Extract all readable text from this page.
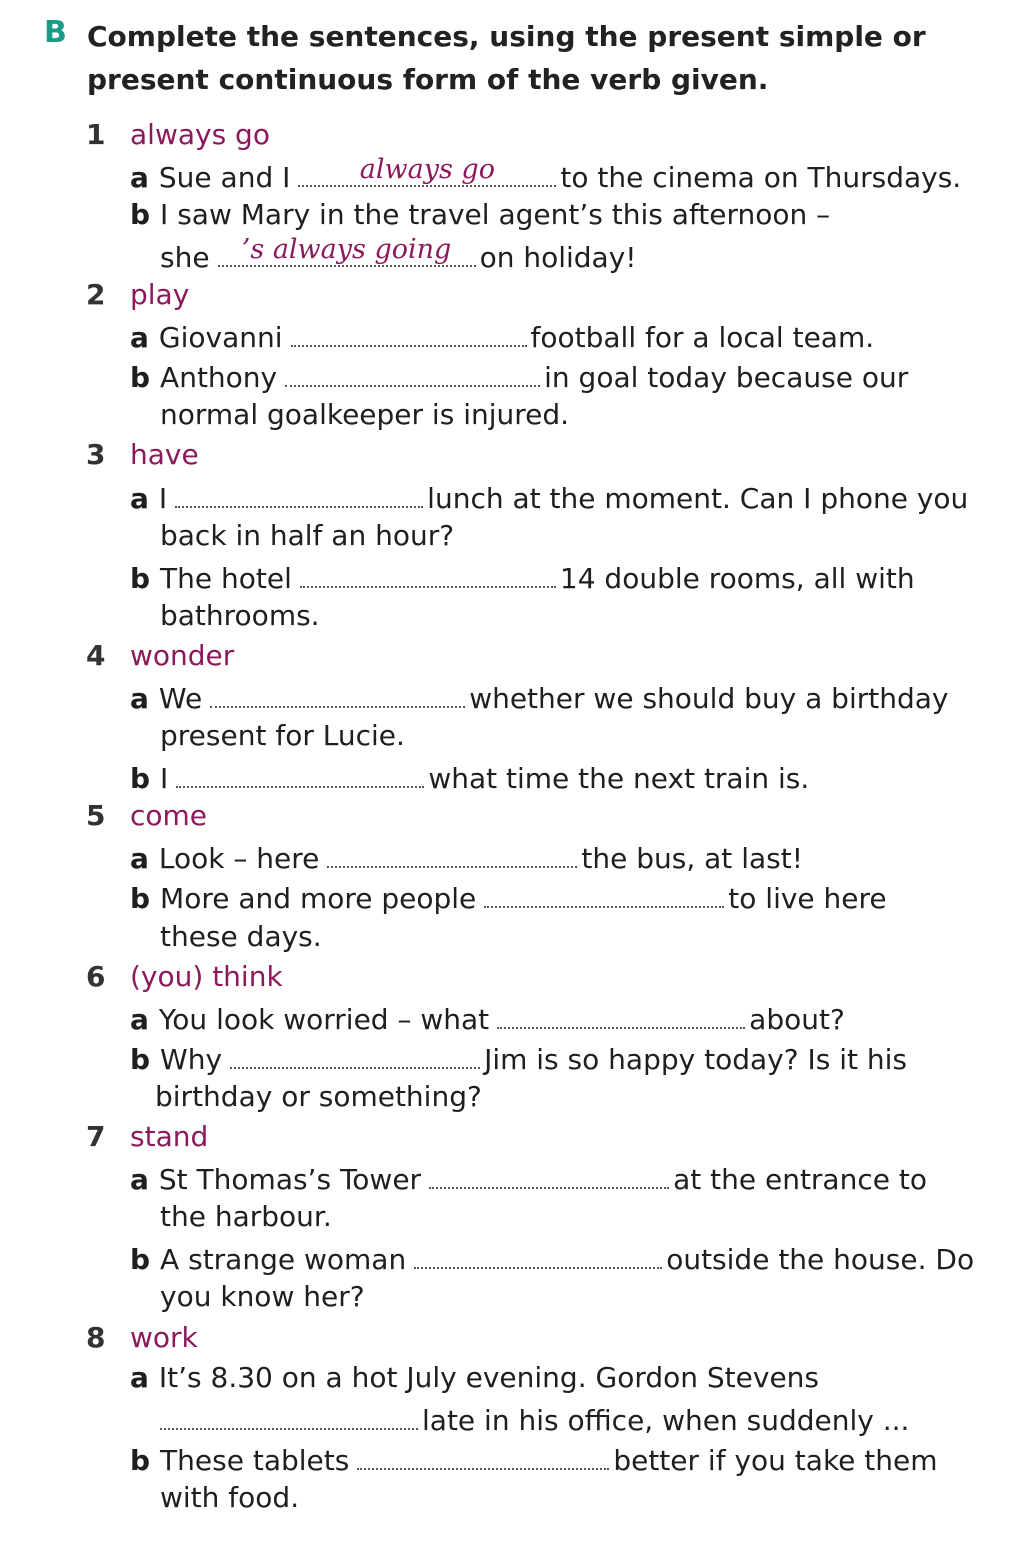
B Complete the sentences, using the present simple or present continuous form of the verb given.
1 always go
a Sue and I	always go	to the cinema on Thursdays.
b I saw Mary in the travel agent’s this afternoon –
she	’s always going	on holiday!
2 play
a Giovanni	football for a local team.
b Anthony	in goal today because our
normal goalkeeper is injured.
3 have
a I	lunch at the moment. Can I phone you
back in half an hour?
b The hotel	14 double rooms, all with
bathrooms.
4 wonder
a We	whether we should buy a birthday
present for Lucie.
b I	what time the next train is.
5 come
a Look – here	the bus, at last!
b More and more people	to live here
these days.
6 (you) think
a You look worried – what	about?
b Why	Jim is so happy today? Is it his
birthday or something?
7 stand
a St Thomas’s Tower	at the entrance to
the harbour.
b A strange woman	outside the house. Do
you know her?
8 work
a It’s 8.30 on a hot July evening. Gordon Stevens
late in his office, when suddenly ...
b These tablets	better if you take them
with food.
